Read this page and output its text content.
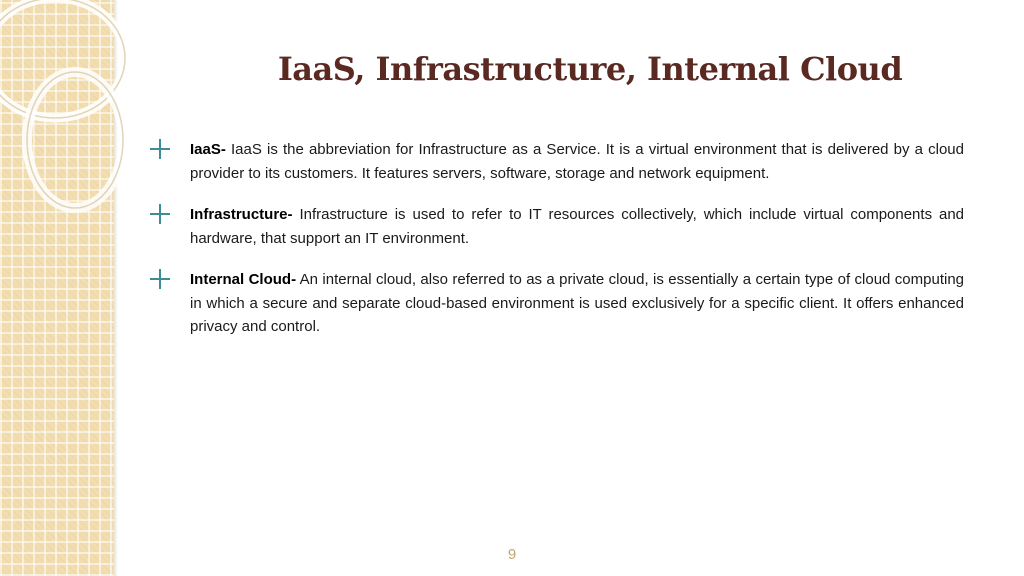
IaaS, Infrastructure, Internal Cloud

IaaS- IaaS is the abbreviation for Infrastructure as a Service. It is a virtual environment that is delivered by a cloud provider to its customers. It features servers, software, storage and network equipment.

Infrastructure- Infrastructure is used to refer to IT resources collectively, which include virtual components and hardware, that support an IT environment.

Internal Cloud- An internal cloud, also referred to as a private cloud, is essentially a certain type of cloud computing in which a secure and separate cloud-based environment is used exclusively for a specific client. It offers enhanced privacy and control.

9
